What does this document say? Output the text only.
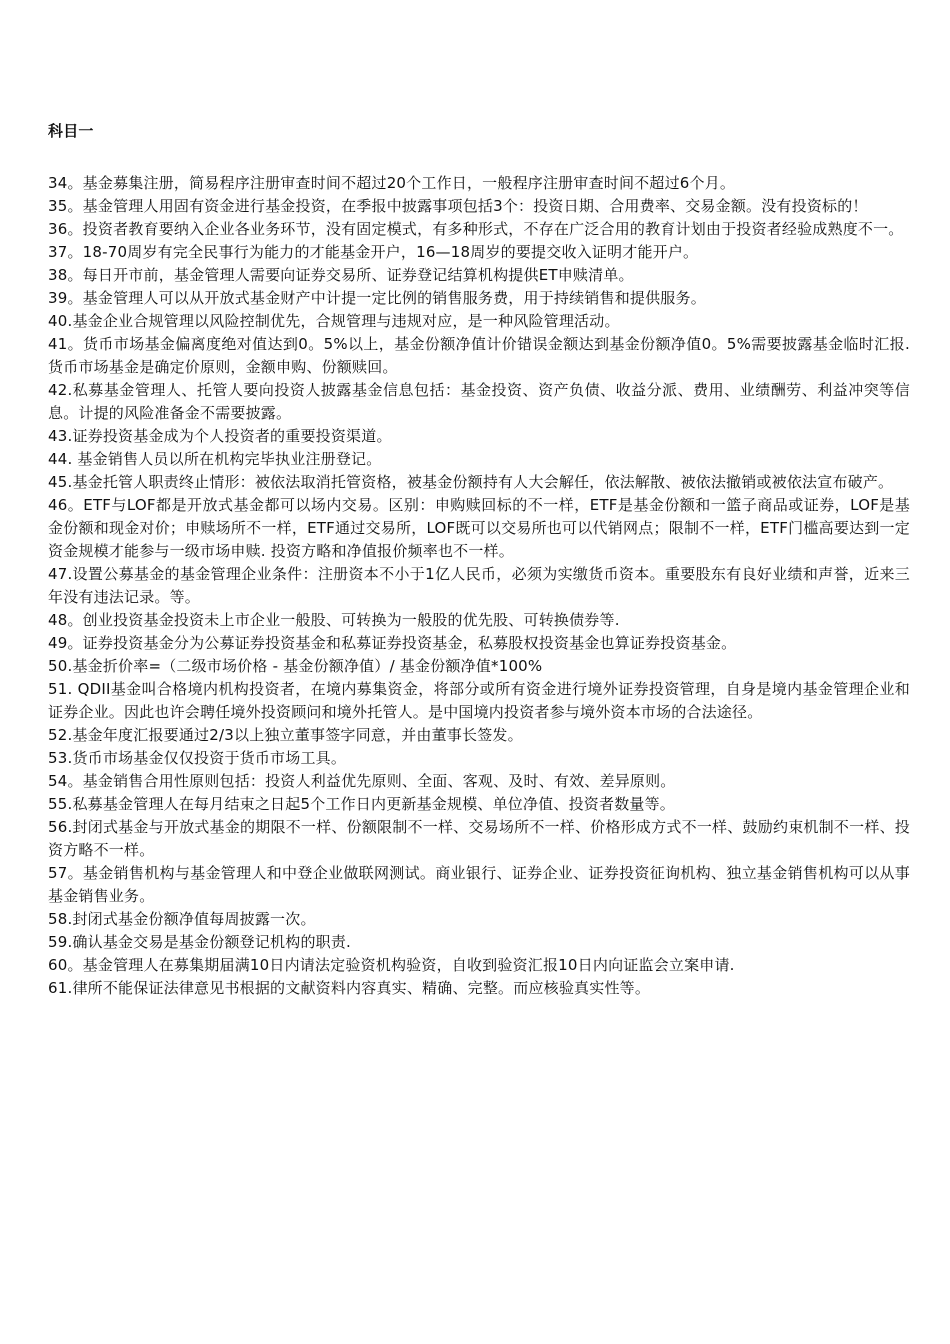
科目一

34。基金募集注册，简易程序注册审查时间不超过20个工作日，一般程序注册审查时间不超过6个月。

35。基金管理人用固有资金进行基金投资，在季报中披露事项包括3个：投资日期、合用费率、交易金额。没有投资标的！

36。投资者教育要纳入企业各业务环节，没有固定模式，有多种形式，不存在广泛合用的教育计划由于投资者经验成熟度不一。

37。18-70周岁有完全民事行为能力的才能基金开户，16—18周岁的要提交收入证明才能开户。

38。每日开市前，基金管理人需要向证券交易所、证券登记结算机构提供ET申赎清单。

39。基金管理人可以从开放式基金财产中计提一定比例的销售服务费，用于持续销售和提供服务。

40.基金企业合规管理以风险控制优先，合规管理与违规对应，是一种风险管理活动。

41。货币市场基金偏离度绝对值达到0。5%以上，基金份额净值计价错误金额达到基金份额净值0。5%需要披露基金临时汇报.货币市场基金是确定价原则，金额申购、份额赎回。

42.私募基金管理人、托管人要向投资人披露基金信息包括：基金投资、资产负债、收益分派、费用、业绩酬劳、利益冲突等信息。计提的风险准备金不需要披露。

43.证券投资基金成为个人投资者的重要投资渠道。

44. 基金销售人员以所在机构完毕执业注册登记。

45.基金托管人职责终止情形：被依法取消托管资格，被基金份额持有人大会解任，依法解散、被依法撤销或被依法宣布破产。

46。ETF与LOF都是开放式基金都可以场内交易。区别：申购赎回标的不一样，ETF是基金份额和一篮子商品或证券，LOF是基金份额和现金对价；申赎场所不一样，ETF通过交易所，LOF既可以交易所也可以代销网点；限制不一样，ETF门槛高要达到一定资金规模才能参与一级市场申赎. 投资方略和净值报价频率也不一样。

47.设置公募基金的基金管理企业条件：注册资本不小于1亿人民币，必须为实缴货币资本。重要股东有良好业绩和声誉，近来三年没有违法记录。等。

48。创业投资基金投资未上市企业一般股、可转换为一般股的优先股、可转换债券等.

49。证券投资基金分为公募证券投资基金和私募证券投资基金，私募股权投资基金也算证券投资基金。

50.基金折价率=（二级市场价格 - 基金份额净值）/ 基金份额净值*100%

51. QDII基金叫合格境内机构投资者，在境内募集资金，将部分或所有资金进行境外证券投资管理，自身是境内基金管理企业和证券企业。因此也许会聘任境外投资顾问和境外托管人。是中国境内投资者参与境外资本市场的合法途径。

52.基金年度汇报要通过2/3以上独立董事签字同意，并由董事长签发。

53.货币市场基金仅仅投资于货币市场工具。

54。基金销售合用性原则包括：投资人利益优先原则、全面、客观、及时、有效、差异原则。

55.私募基金管理人在每月结束之日起5个工作日内更新基金规模、单位净值、投资者数量等。

56.封闭式基金与开放式基金的期限不一样、份额限制不一样、交易场所不一样、价格形成方式不一样、鼓励约束机制不一样、投资方略不一样。

57。基金销售机构与基金管理人和中登企业做联网测试。商业银行、证券企业、证券投资征询机构、独立基金销售机构可以从事基金销售业务。

58.封闭式基金份额净值每周披露一次。

59.确认基金交易是基金份额登记机构的职责.

60。基金管理人在募集期届满10日内请法定验资机构验资，自收到验资汇报10日内向证监会立案申请.

61.律所不能保证法律意见书根据的文献资料内容真实、精确、完整。而应核验真实性等。
